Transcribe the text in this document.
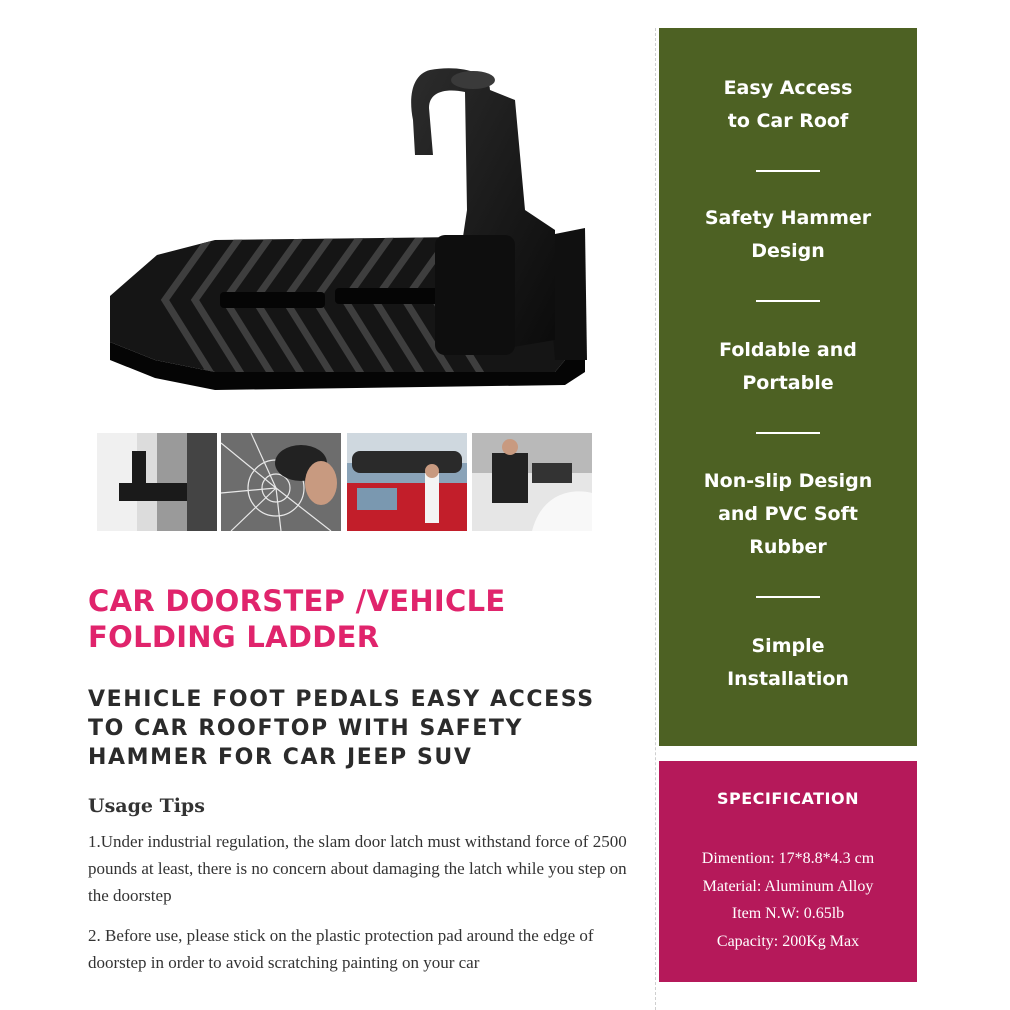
CAR DOORSTEP /VEHICLE FOLDING LADDER
VEHICLE FOOT PEDALS EASY ACCESS TO CAR ROOFTOP WITH SAFETY HAMMER FOR CAR JEEP SUV
Usage Tips
1.Under industrial regulation, the slam door latch must withstand force of 2500 pounds at least, there is no concern about damaging the latch while you step on the doorstep
2. Before use, please stick on the plastic protection pad around the edge of doorstep in order to avoid scratching painting on your car
Easy Access to Car Roof
Safety Hammer Design
Foldable and Portable
Non-slip Design and PVC Soft Rubber
Simple Installation
SPECIFICATION
Dimention: 17*8.8*4.3 cm
Material: Aluminum Alloy
Item N.W: 0.65lb
Capacity: 200Kg Max
